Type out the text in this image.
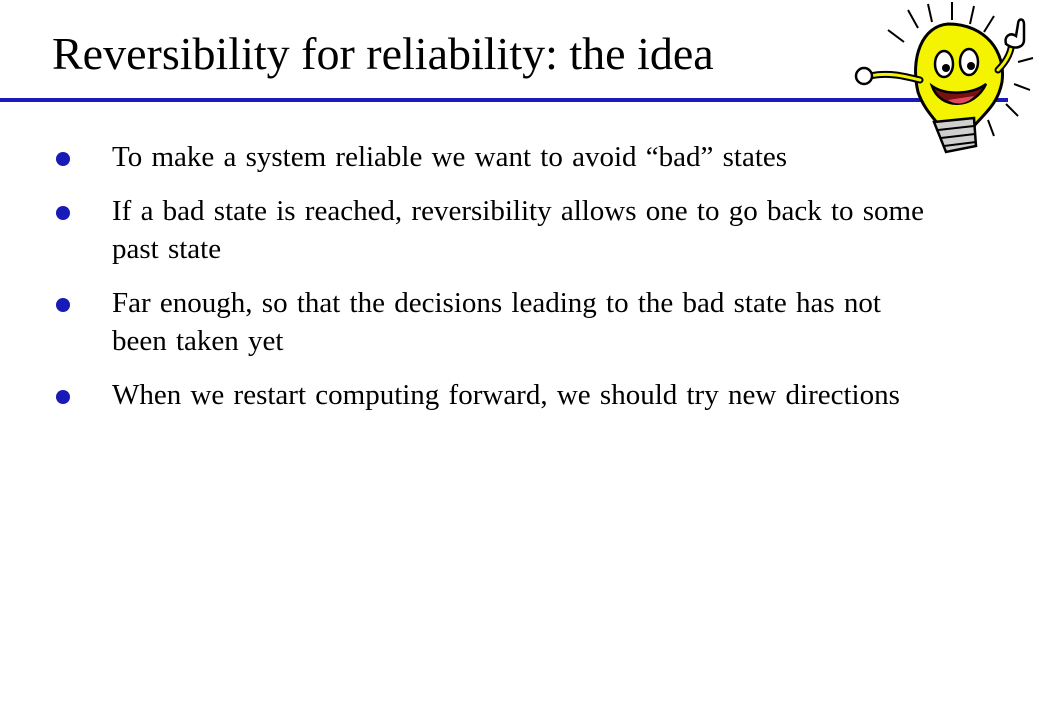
Reversibility for reliability: the idea
To make a system reliable we want to avoid “bad” states
If a bad state is reached, reversibility allows one to go back to some past state
Far enough, so that the decisions leading to the bad state has not been taken yet
When we restart computing forward, we should try new directions
